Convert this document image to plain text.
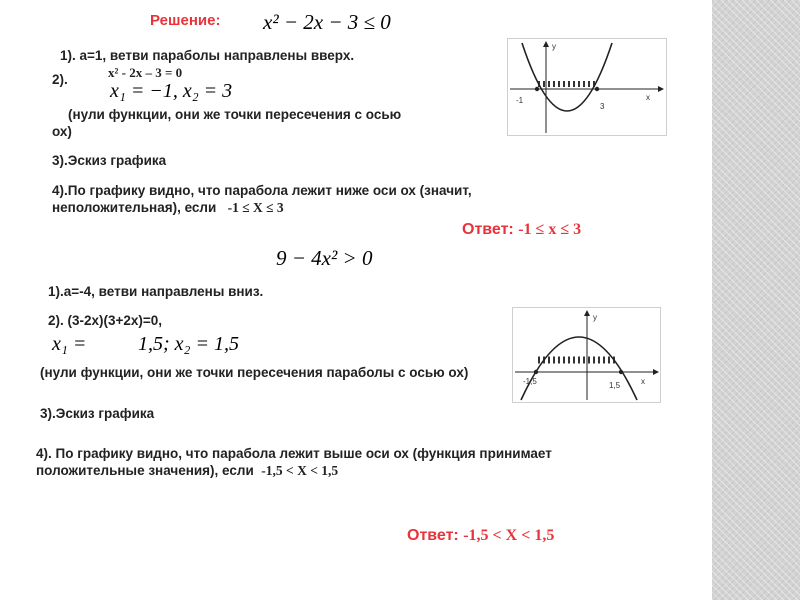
Решение: x² − 2x − 3 ≤ 0
1). a=1, ветви параболы направлены вверх.
2).	x² - 2x – 3 = 0
x₁ = −1, x₂ = 3
(нули функции, они же точки пересечения с осью ох)
3).Эскиз графика
4).По графику видно, что парабола лежит ниже оси ох (значит, неположительная), если -1 ≤ X ≤ 3
Ответ: -1 ≤ x ≤ 3
y
x
-1
3
9 − 4x² > 0
1).a=-4, ветви направлены вниз.
2). (3-2x)(3+2x)=0,
x₁ =	1,5; x₂ = 1,5
(нули функции, они же точки пересечения параболы с осью ох)
3).Эскиз графика
4). По графику видно, что парабола лежит выше оси ох (функция принимает положительные значения), если -1,5 < X < 1,5
Ответ: -1,5 < X < 1,5
y
x
-1,5	1,5
